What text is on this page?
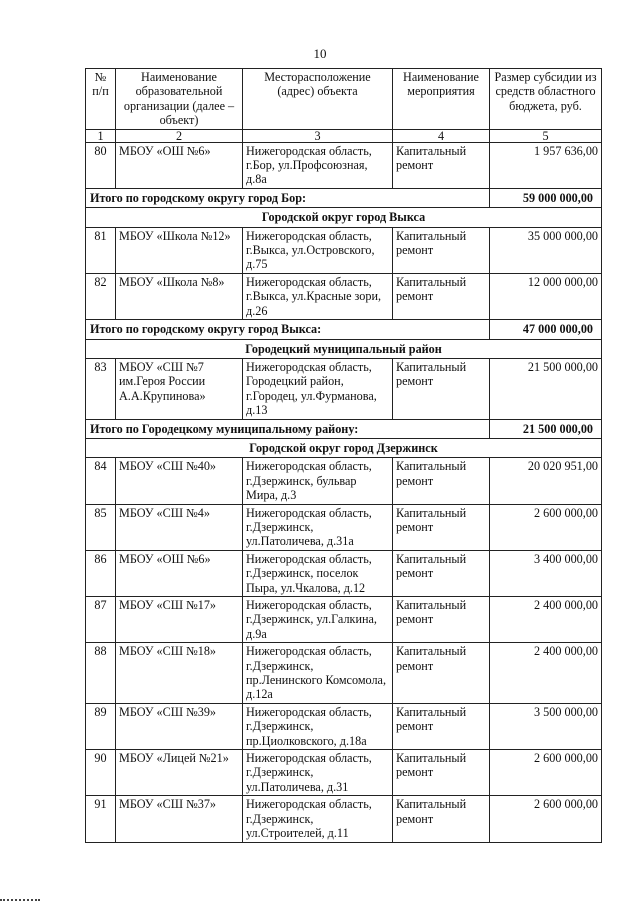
10
№ п/п	Наименование образовательной организации (далее – объект)	Месторасположение (адрес) объекта	Наименование мероприятия	Размер субсидии из средств областного бюджета, руб.
1	2	3	4	5
80	МБОУ «ОШ №6»	Нижегородская область, г.Бор, ул.Профсоюзная, д.8а	Капитальный ремонт	1 957 636,00
Итого по городскому округу город Бор:				59 000 000,00
Городской округ город Выкса				
81	МБОУ «Школа №12»	Нижегородская область, г.Выкса, ул.Островского, д.75	Капитальный ремонт	35 000 000,00
82	МБОУ «Школа №8»	Нижегородская область, г.Выкса, ул.Красные зори, д.26	Капитальный ремонт	12 000 000,00
Итого по городскому округу город Выкса:				47 000 000,00
Городецкий муниципальный район				
83	МБОУ «СШ №7 им.Героя России А.А.Крупинова»	Нижегородская область, Городецкий район, г.Городец, ул.Фурманова, д.13	Капитальный ремонт	21 500 000,00
Итого по Городецкому муниципальному району:				21 500 000,00
Городской округ город Дзержинск				
84	МБОУ «СШ №40»	Нижегородская область, г.Дзержинск, бульвар Мира, д.3	Капитальный ремонт	20 020 951,00
85	МБОУ «СШ №4»	Нижегородская область, г.Дзержинск, ул.Патоличева, д.31а	Капитальный ремонт	2 600 000,00
86	МБОУ «ОШ №6»	Нижегородская область, г.Дзержинск, поселок Пыра, ул.Чкалова, д.12	Капитальный ремонт	3 400 000,00
87	МБОУ «СШ №17»	Нижегородская область, г.Дзержинск, ул.Галкина, д.9а	Капитальный ремонт	2 400 000,00
88	МБОУ «СШ №18»	Нижегородская область, г.Дзержинск, пр.Ленинского Комсомола, д.12а	Капитальный ремонт	2 400 000,00
89	МБОУ «СШ №39»	Нижегородская область, г.Дзержинск, пр.Циолковского, д.18а	Капитальный ремонт	3 500 000,00
90	МБОУ «Лицей №21»	Нижегородская область, г.Дзержинск, ул.Патоличева, д.31	Капитальный ремонт	2 600 000,00
91	МБОУ «СШ №37»	Нижегородская область, г.Дзержинск, ул.Строителей, д.11	Капитальный ремонт	2 600 000,00
